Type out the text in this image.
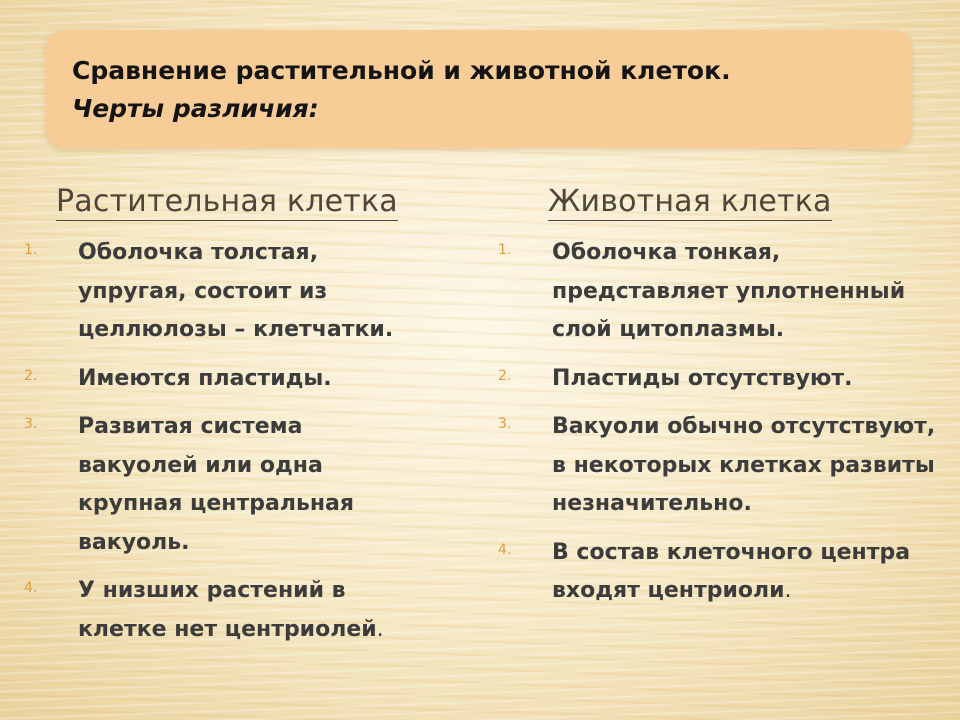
Сравнение растительной и животной клеток.
Черты различия:
Растительная клетка	Животная клетка
1. Оболочка толстая, упругая, состоит из целлюлозы – клетчатки.
2. Имеются пластиды.
3. Развитая система вакуолей или одна крупная центральная вакуоль.
4. У низших растений в клетке нет центриолей.
1. Оболочка тонкая, представляет уплотненный слой цитоплазмы.
2. Пластиды отсутствуют.
3. Вакуоли обычно отсутствуют, в некоторых клетках развиты незначительно.
4. В состав клеточного центра входят центриоли.
